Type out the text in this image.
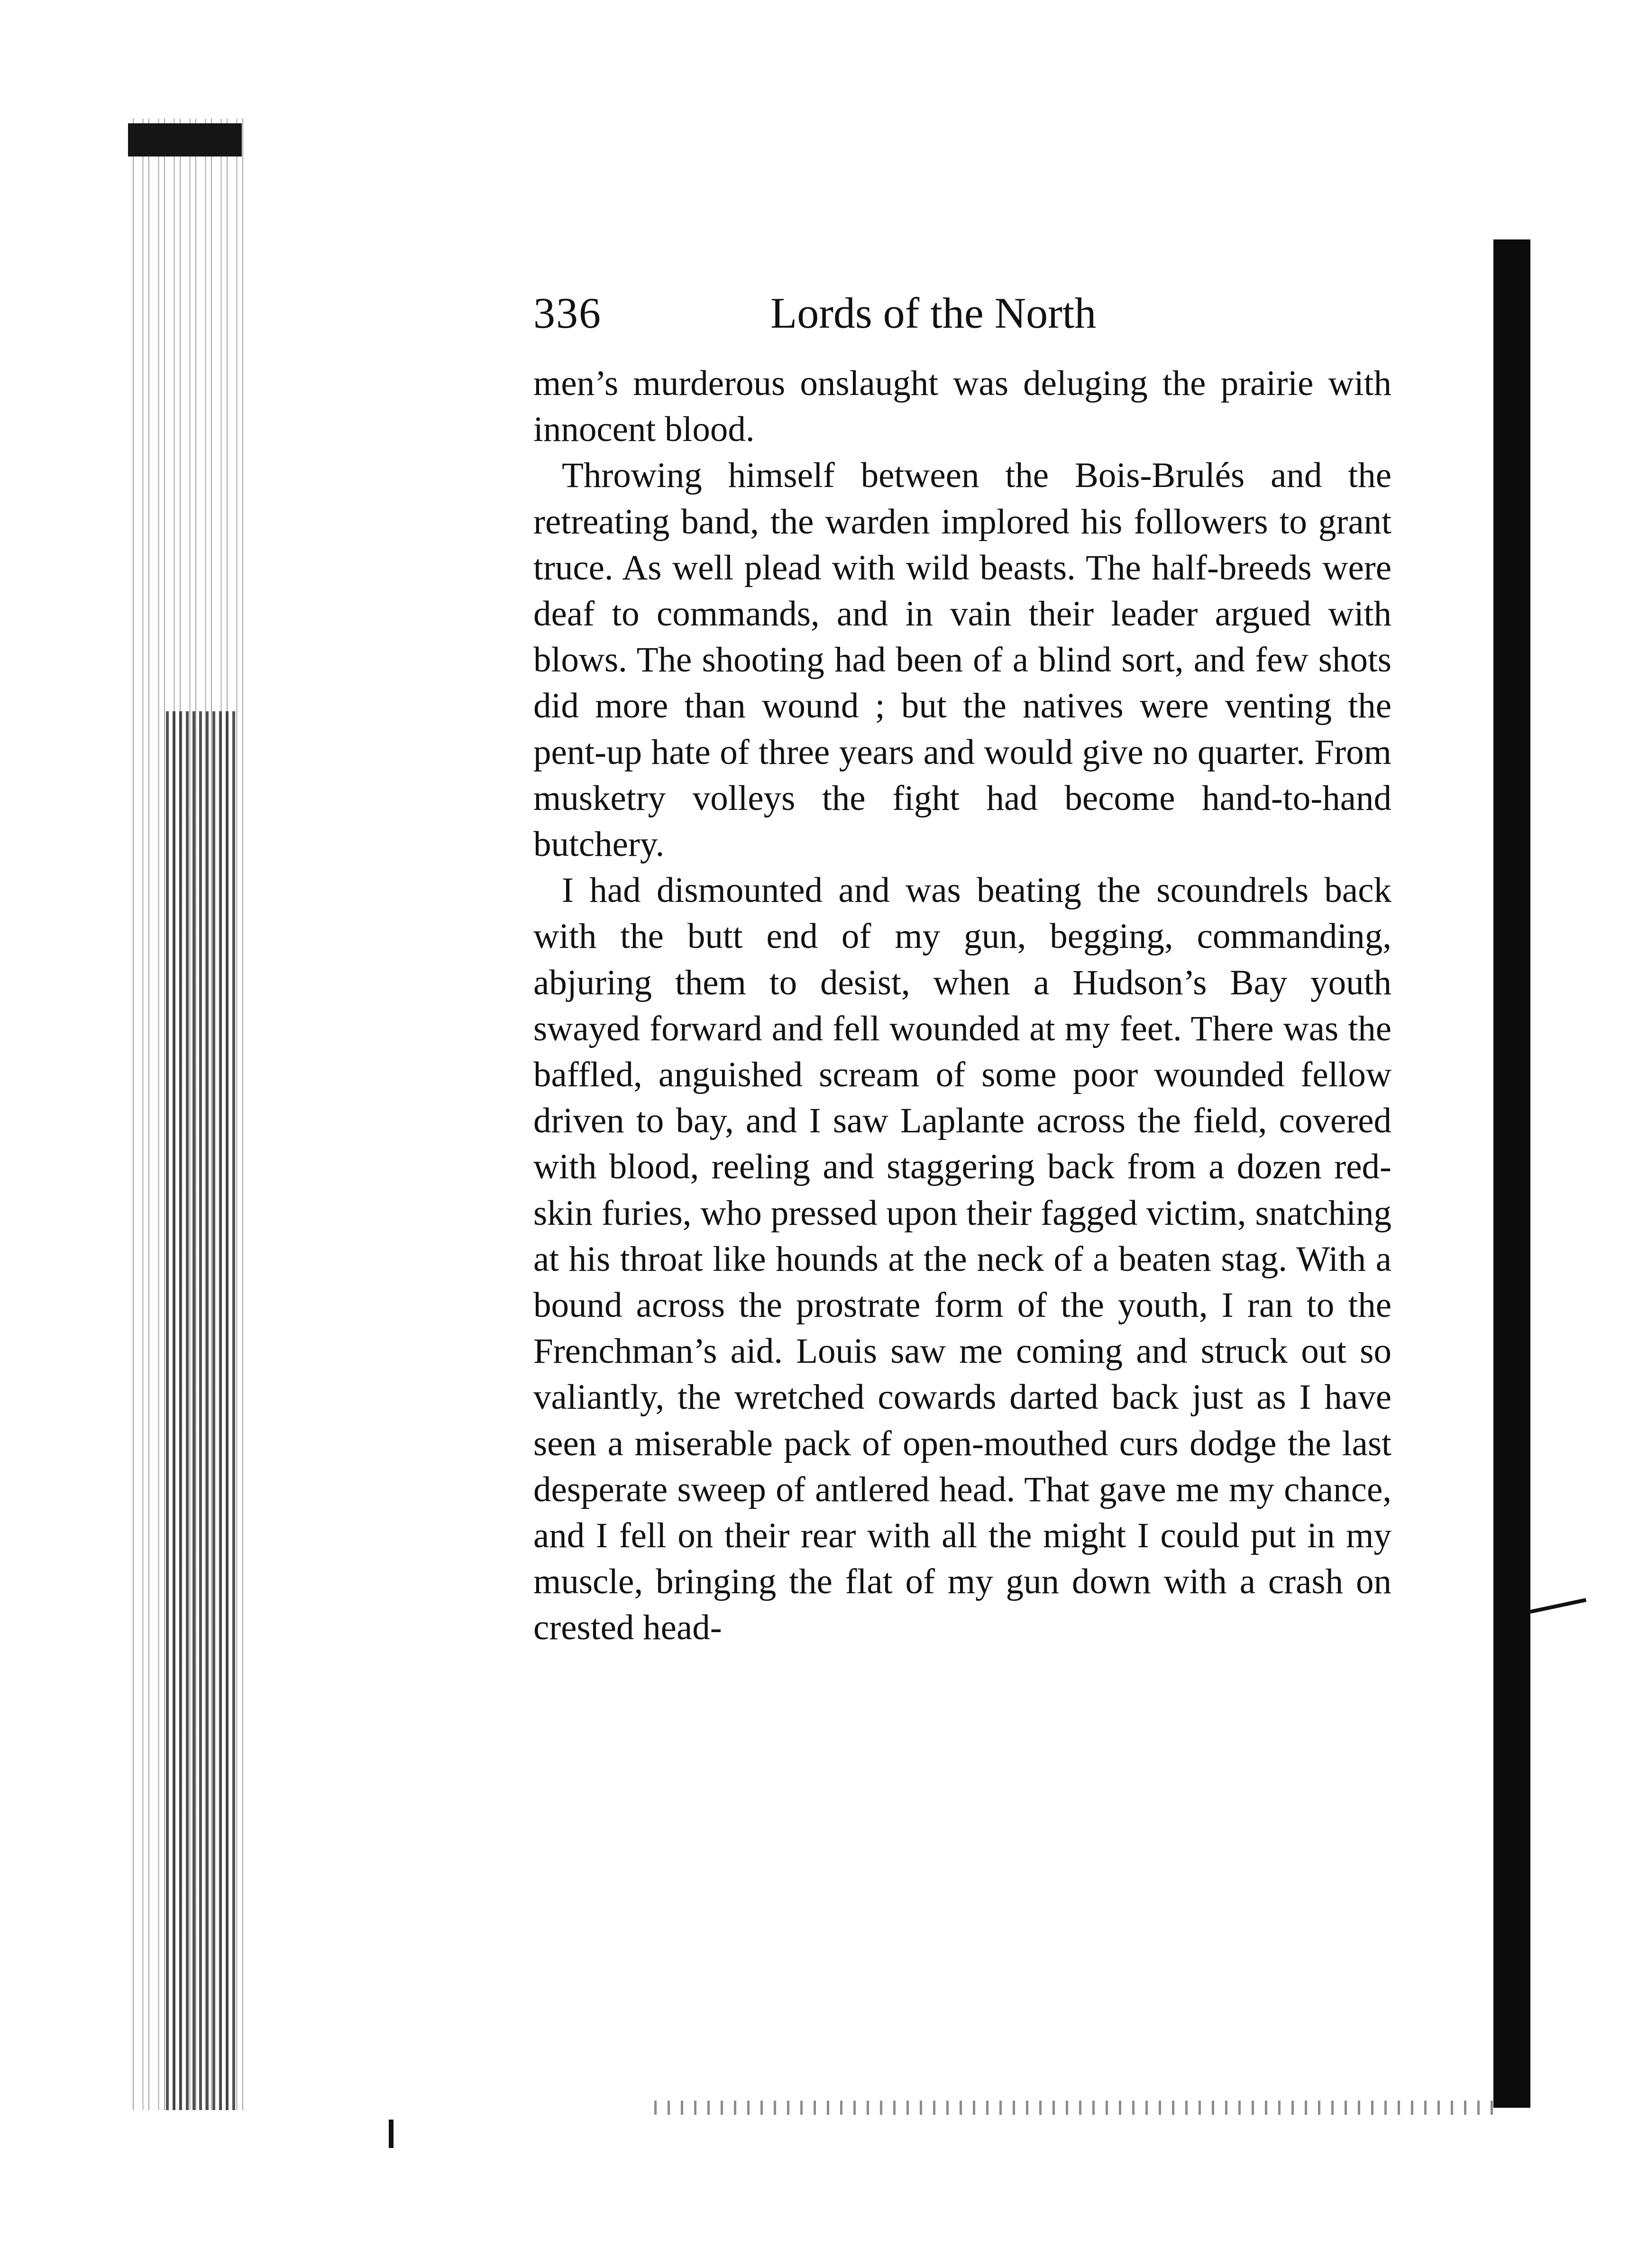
336	Lords of the North

men’s murderous onslaught was deluging the prairie with innocent blood.

Throwing himself between the Bois-Brulés and the retreating band, the warden implored his followers to grant truce. As well plead with wild beasts. The half-breeds were deaf to commands, and in vain their leader argued with blows. The shooting had been of a blind sort, and few shots did more than wound ; but the natives were venting the pent-up hate of three years and would give no quarter. From musketry volleys the fight had become hand-to-hand butchery.

I had dismounted and was beating the scoundrels back with the butt end of my gun, begging, commanding, abjuring them to desist, when a Hudson’s Bay youth swayed forward and fell wounded at my feet. There was the baffled, anguished scream of some poor wounded fellow driven to bay, and I saw Laplante across the field, covered with blood, reeling and staggering back from a dozen red-skin furies, who pressed upon their fagged victim, snatching at his throat like hounds at the neck of a beaten stag. With a bound across the prostrate form of the youth, I ran to the Frenchman’s aid. Louis saw me coming and struck out so valiantly, the wretched cowards darted back just as I have seen a miserable pack of open-mouthed curs dodge the last desperate sweep of antlered head. That gave me my chance, and I fell on their rear with all the might I could put in my muscle, bringing the flat of my gun down with a crash on crested head-
